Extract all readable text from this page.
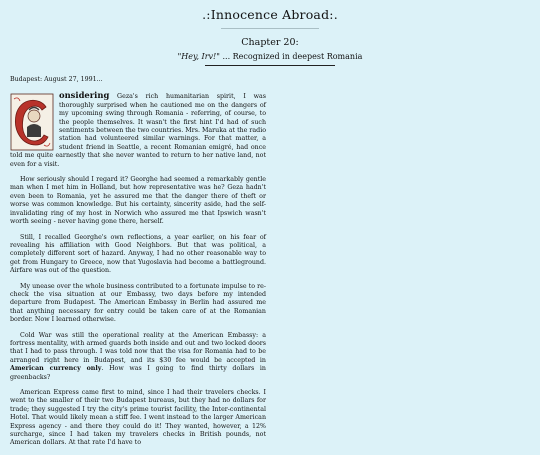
.:Innocence Abroad:.
Chapter 20:
"Hey, Irv!" ... Recognized in deepest Romania
Budapest: August 27, 1991...

onsidering Geza's rich humanitarian spirit, I was thoroughly surprised when he cautioned me on the dangers of my upcoming swing through Romania - referring, of course, to the people themselves. It wasn't the first hint I'd had of such sentiments between the two countries. Mrs. Maruka at the radio station had volunteered similar warnings. For that matter, a student friend in Seattle, a recent Romanian emigré, had once told me quite earnestly that she never wanted to return to her native land, not even for a visit.

How seriously should I regard it? Georghe had seemed a remarkably gentle man when I met him in Holland, but how representative was he? Geza hadn't even been to Romania, yet he assured me that the danger there of theft or worse was common knowledge. But his certainty, sincerity aside, had the self-invalidating ring of my host in Norwich who assured me that Ipswich wasn't worth seeing - never having gone there, herself.

Still, I recalled Georghe's own reflections, a year earlier, on his fear of revealing his affiliation with Good Neighbors. But that was political, a completely different sort of hazard. Anyway, I had no other reasonable way to get from Hungary to Greece, now that Yugoslavia had become a battleground. Airfare was out of the question.

My unease over the whole business contributed to a fortunate impulse to re-check the visa situation at our Embassy, two days before my intended departure from Budapest. The American Embassy in Berlin had assured me that anything necessary for entry could be taken care of at the Romanian border. Now I learned otherwise.

Cold War was still the operational reality at the American Embassy: a fortress mentality, with armed guards both inside and out and two locked doors that I had to pass through. I was told now that the visa for Romania had to be arranged right here in Budapest, and its $30 fee would be accepted in American currency only. How was I going to find thirty dollars in greenbacks?

American Express came first to mind, since I had their travelers checks. I went to the smaller of their two Budapest bureaus, but they had no dollars for trade; they suggested I try the city's prime tourist facility, the Inter-continental Hotel. That would likely mean a stiff fee. I went instead to the larger American Express agency - and there they could do it! They wanted, however, a 12% surcharge, since I had taken my travelers checks in British pounds, not American dollars. At that rate I'd have to
